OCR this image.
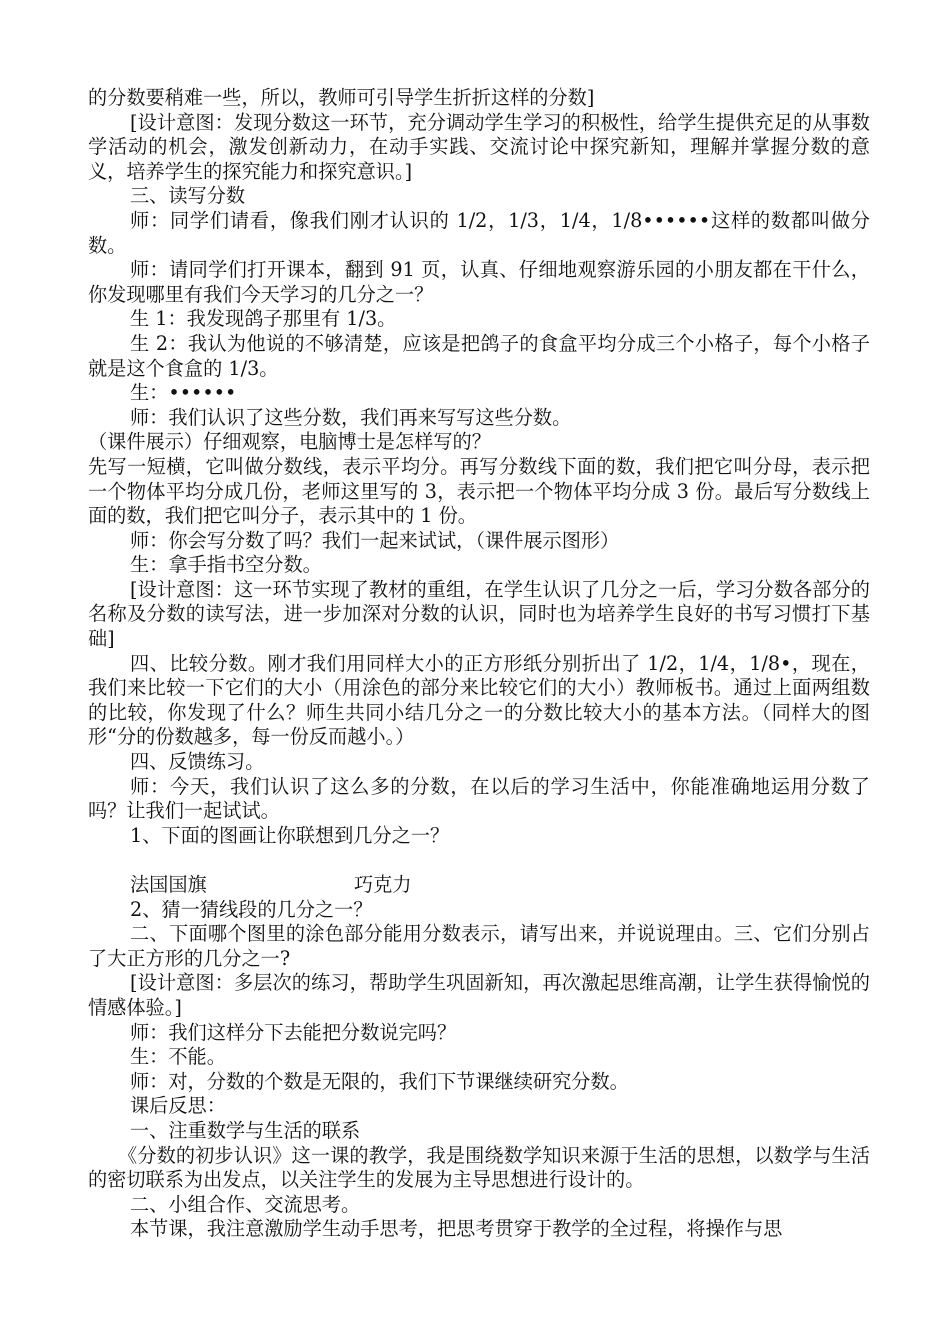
的分数要稍难一些，所以，教师可引导学生折折这样的分数]

[设计意图：发现分数这一环节，充分调动学生学习的积极性，给学生提供充足的从事数学活动的机会，激发创新动力，在动手实践、交流讨论中探究新知，理解并掌握分数的意义，培养学生的探究能力和探究意识。]

三、读写分数

师：同学们请看，像我们刚才认识的 1/2，1/3，1/4，1/8••••••这样的数都叫做分数。

师：请同学们打开课本，翻到 91 页，认真、仔细地观察游乐园的小朋友都在干什么，你发现哪里有我们今天学习的几分之一？

生 1：我发现鸽子那里有 1/3。

生 2：我认为他说的不够清楚，应该是把鸽子的食盒平均分成三个小格子，每个小格子就是这个食盒的 1/3。

生：••••••

师：我们认识了这些分数，我们再来写写这些分数。

（课件展示）仔细观察，电脑博士是怎样写的？

先写一短横，它叫做分数线，表示平均分。再写分数线下面的数，我们把它叫分母，表示把一个物体平均分成几份，老师这里写的 3，表示把一个物体平均分成 3 份。最后写分数线上面的数，我们把它叫分子，表示其中的 1 份。

师：你会写分数了吗？我们一起来试试，（课件展示图形）

生：拿手指书空分数。

[设计意图：这一环节实现了教材的重组，在学生认识了几分之一后，学习分数各部分的名称及分数的读写法，进一步加深对分数的认识，同时也为培养学生良好的书写习惯打下基础]

四、比较分数。刚才我们用同样大小的正方形纸分别折出了 1/2，1/4，1/8•，现在，我们来比较一下它们的大小（用涂色的部分来比较它们的大小）教师板书。通过上面两组数的比较，你发现了什么？师生共同小结几分之一的分数比较大小的基本方法。（同样大的图形“分的份数越多，每一份反而越小。）

四、反馈练习。

师：今天，我们认识了这么多的分数，在以后的学习生活中，你能准确地运用分数了吗？让我们一起试试。

1、下面的图画让你联想到几分之一？

法国国旗	巧克力

2、猜一猜线段的几分之一？

二、下面哪个图里的涂色部分能用分数表示，请写出来，并说说理由。三、它们分别占了大正方形的几分之一?

[设计意图：多层次的练习，帮助学生巩固新知，再次激起思维高潮，让学生获得愉悦的情感体验。]

师：我们这样分下去能把分数说完吗？

生：不能。

师：对，分数的个数是无限的，我们下节课继续研究分数。

课后反思：

一、注重数学与生活的联系

《分数的初步认识》这一课的教学，我是围绕数学知识来源于生活的思想，以数学与生活的密切联系为出发点，以关注学生的发展为主导思想进行设计的。

二、小组合作、交流思考。

本节课，我注意激励学生动手思考，把思考贯穿于教学的全过程，将操作与思
